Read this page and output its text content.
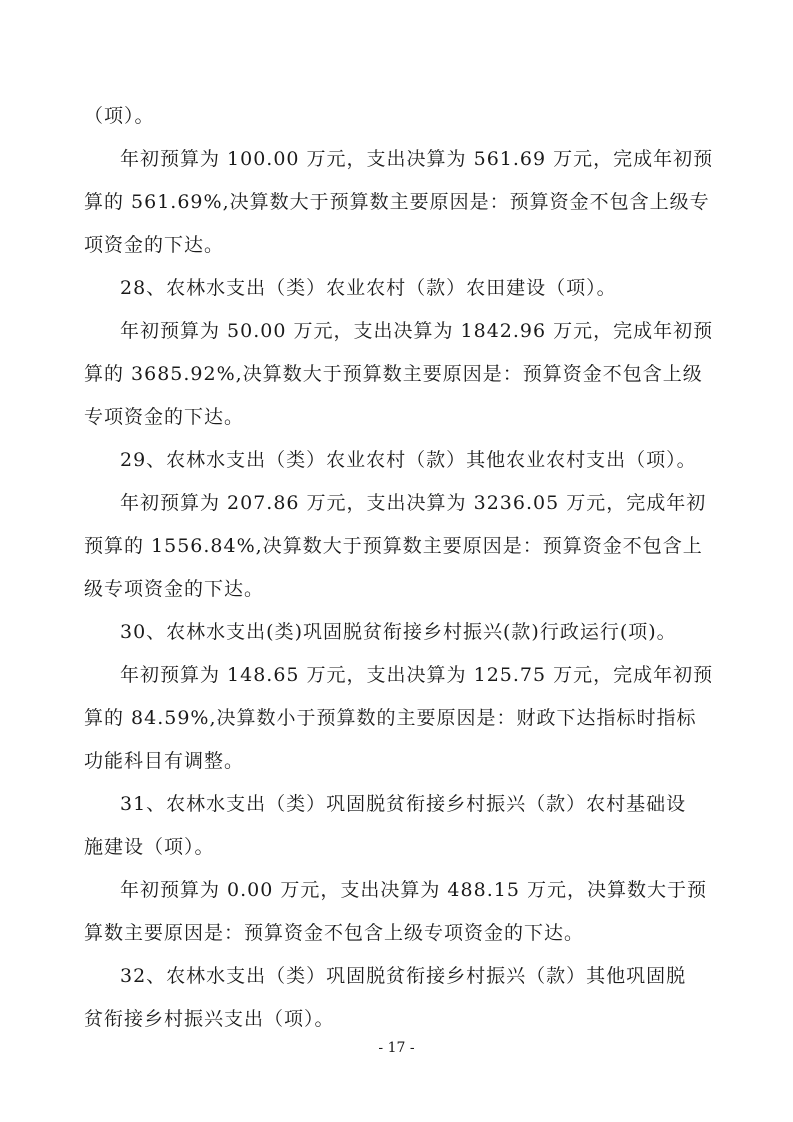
（项）。
年初预算为 100.00 万元，支出决算为 561.69 万元，完成年初预
算的 561.69%,决算数大于预算数主要原因是：预算资金不包含上级专
项资金的下达。
28、农林水支出（类）农业农村（款）农田建设（项）。
年初预算为 50.00 万元，支出决算为 1842.96 万元，完成年初预
算的 3685.92%,决算数大于预算数主要原因是：预算资金不包含上级
专项资金的下达。
29、农林水支出（类）农业农村（款）其他农业农村支出（项）。
年初预算为 207.86 万元，支出决算为 3236.05 万元，完成年初
预算的 1556.84%,决算数大于预算数主要原因是：预算资金不包含上
级专项资金的下达。
30、农林水支出(类)巩固脱贫衔接乡村振兴(款)行政运行(项)。
年初预算为 148.65 万元，支出决算为 125.75 万元，完成年初预
算的 84.59%,决算数小于预算数的主要原因是：财政下达指标时指标
功能科目有调整。
31、农林水支出（类）巩固脱贫衔接乡村振兴（款）农村基础设
施建设（项）。
年初预算为 0.00 万元，支出决算为 488.15 万元，决算数大于预
算数主要原因是：预算资金不包含上级专项资金的下达。
32、农林水支出（类）巩固脱贫衔接乡村振兴（款）其他巩固脱
贫衔接乡村振兴支出（项）。
- 17 -
